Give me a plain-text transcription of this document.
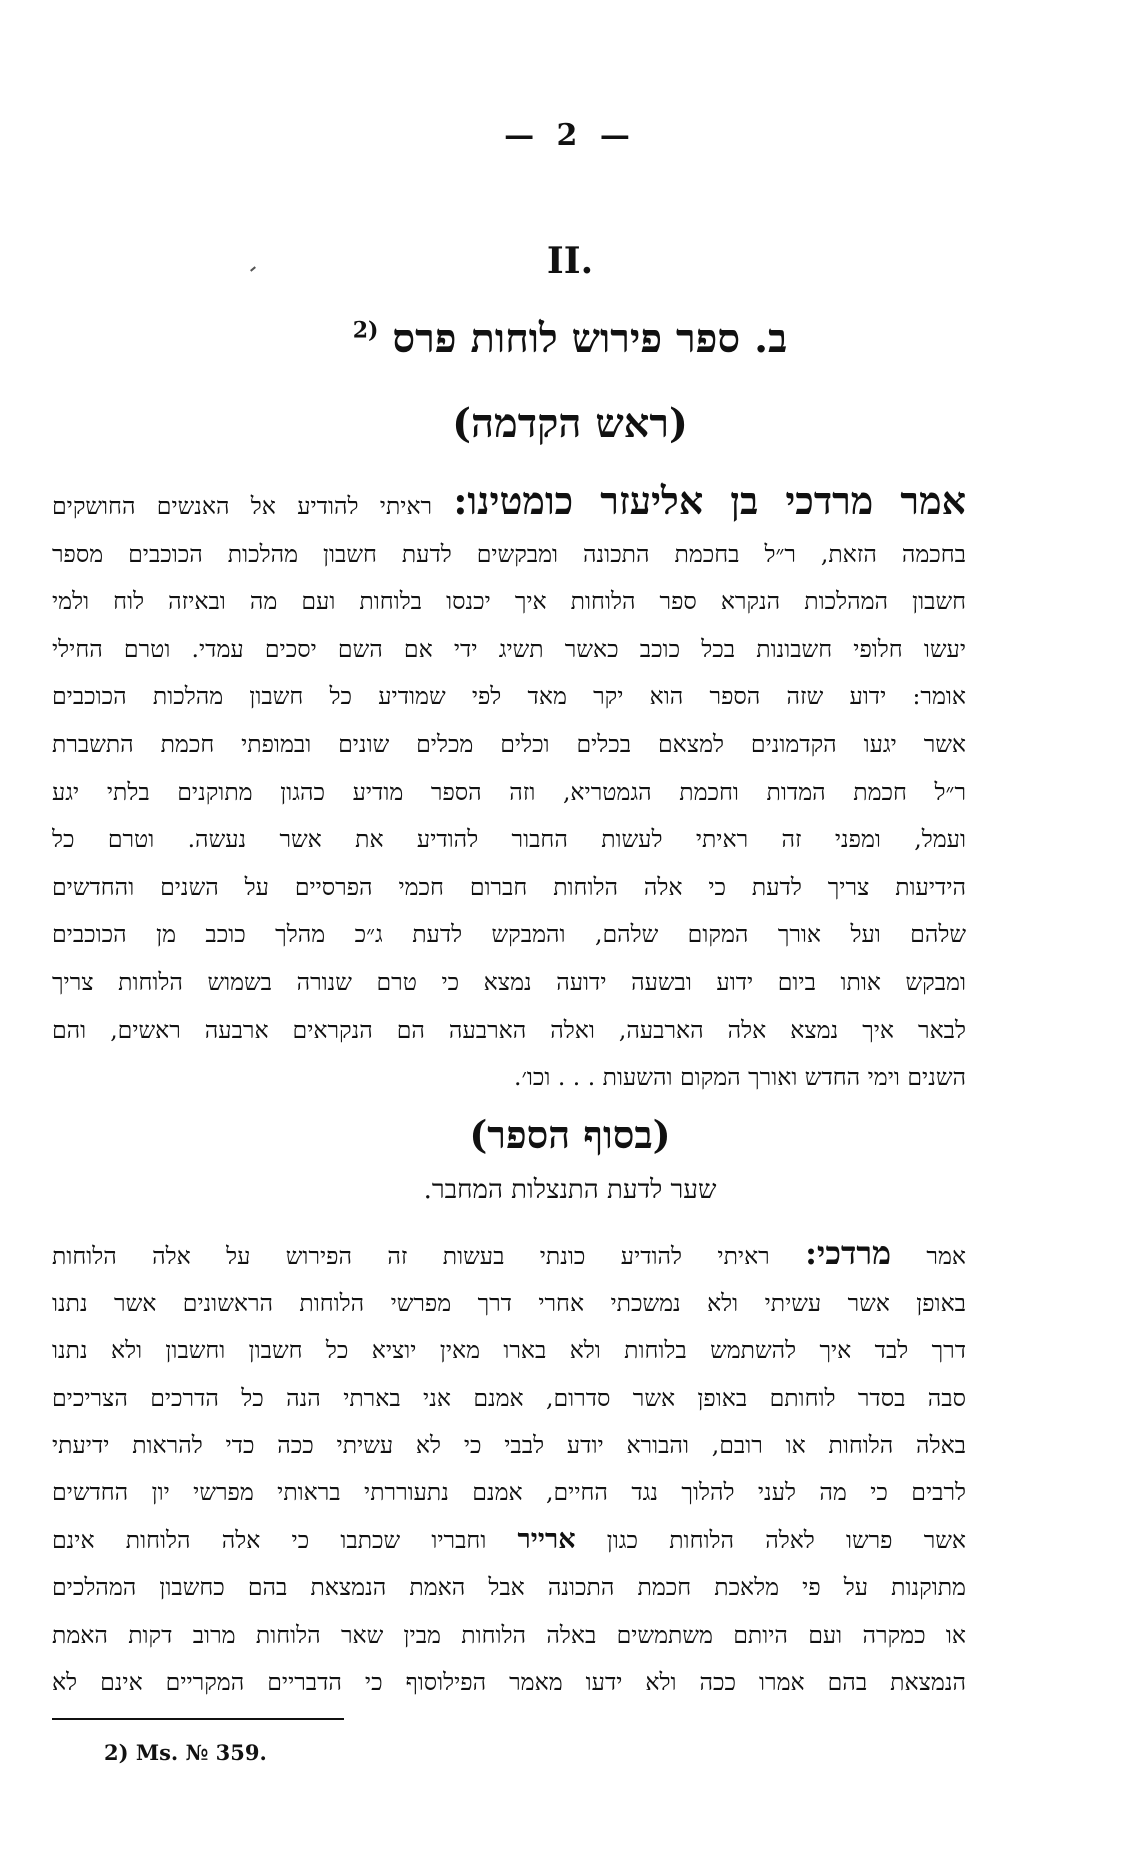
— 2 —
II.
ב. ספר פירוש לוחות פרס $^{(2}$
(ראש הקדמה)
אמר מרדכי בן אליעזר כומטינו: ראיתי להודיע אל האנשים החושקים
בחכמה הזאת, ר״ל בחכמת התכונה ומבקשים לדעת חשבון מהלכות הכוכבים מספר
חשבון המהלכות הנקרא ספר הלוחות איך יכנסו בלוחות ועם מה ובאיזה לוח ולמי
יעשו חלופי חשבונות בכל כוכב כאשר תשיג ידי אם השם יסכים עמדי. וטרם החילי
אומר: ידוע שזה הספר הוא יקר מאד לפי שמודיע כל חשבון מהלכות הכוכבים
אשר יגעו הקדמונים למצאם בכלים וכלים מכלים שונים ובמופתי חכמת התשברת
ר״ל חכמת המדות וחכמת הגמטריא, וזה הספר מודיע כהגון מתוקנים בלתי יגע
ועמל, ומפני זה ראיתי לעשות החבור להודיע את אשר נעשה. וטרם כל
הידיעות צריך לדעת כי אלה הלוחות חברום חכמי הפרסיים על השנים והחדשים
שלהם ועל אורך המקום שלהם, והמבקש לדעת ג״כ מהלך כוכב מן הכוכבים
ומבקש אותו ביום ידוע ובשעה ידועה נמצא כי טרם שנורה בשמוש הלוחות צריך
לבאר איך נמצא אלה הארבעה, ואלה הארבעה הם הנקראים ארבעה ראשים, והם
השנים וימי החדש ואורך המקום והשעות . . . וכו׳.
(בסוף הספר)
שער לדעת התנצלות המחבר.
אמר מרדכי: ראיתי להודיע כונתי בעשות זה הפירוש על אלה הלוחות
באופן אשר עשיתי ולא נמשכתי אחרי דרך מפרשי הלוחות הראשונים אשר נתנו
דרך לבד איך להשתמש בלוחות ולא בארו מאין יוציא כל חשבון וחשבון ולא נתנו
סבה בסדר לוחותם באופן אשר סדרום, אמנם אני בארתי הנה כל הדרכים הצריכים
באלה הלוחות או רובם, והבורא יודע לבבי כי לא עשיתי ככה כדי להראות ידיעתי
לרבים כי מה לעני להלוך נגד החיים, אמנם נתעוררתי בראותי מפרשי יון החדשים
אשר פרשו לאלה הלוחות כגון ארייר וחבריו שכתבו כי אלה הלוחות אינם
מתוקנות על פי מלאכת חכמת התכונה אבל האמת הנמצאת בהם כחשבון המהלכים
או כמקרה ועם היותם משתמשים באלה הלוחות מבין שאר הלוחות מרוב דקות האמת
הנמצאת בהם אמרו ככה ולא ידעו מאמר הפילוסוף כי הדבריים המקריים אינם לא
2) Ms. № 359.
